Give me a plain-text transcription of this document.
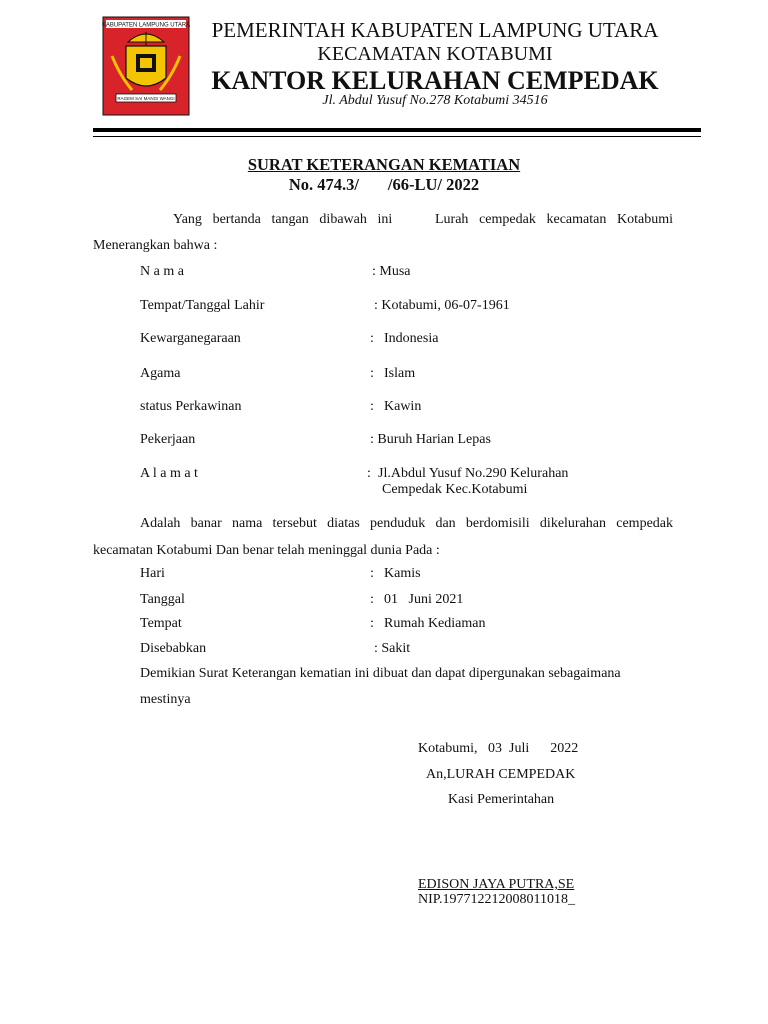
KABUPATEN LAMPUNG UTARA
RAGEM SAI MANGI WANGI
PEMERINTAH KABUPATEN LAMPUNG UTARA
KECAMATAN KOTABUMI
KANTOR KELURAHAN CEMPEDAK
Jl. Abdul Yusuf No.278 Kotabumi 34516
SURAT KETERANGAN KEMATIAN
No. 474.3/       /66-LU/ 2022
Yang bertanda tangan dibawah ini    Lurah cempedak kecamatan Kotabumi
Menerangkan bahwa :
N a m a	: Musa
Tempat/Tanggal Lahir	: Kotabumi, 06-07-1961
Kewarganegaraan	: Indonesia
Agama	: Islam
status Perkawinan	: Kawin
Pekerjaan	: Buruh Harian Lepas
A l a m a t	: Jl.Abdul Yusuf No.290 Kelurahan
Cempedak Kec.Kotabumi
Adalah banar nama tersebut diatas penduduk dan berdomisili dikelurahan cempedak
kecamatan Kotabumi Dan benar telah meninggal dunia Pada :
Hari	: Kamis
Tanggal	: 01   Juni 2021
Tempat	: Rumah Kediaman
Disebabkan	: Sakit
Demikian Surat Keterangan kematian ini dibuat dan dapat dipergunakan sebagaimana
mestinya
Kotabumi,   03  Juli      2022
An,LURAH CEMPEDAK
Kasi Pemerintahan
EDISON JAYA PUTRA,SE
NIP.197712212008011018_
